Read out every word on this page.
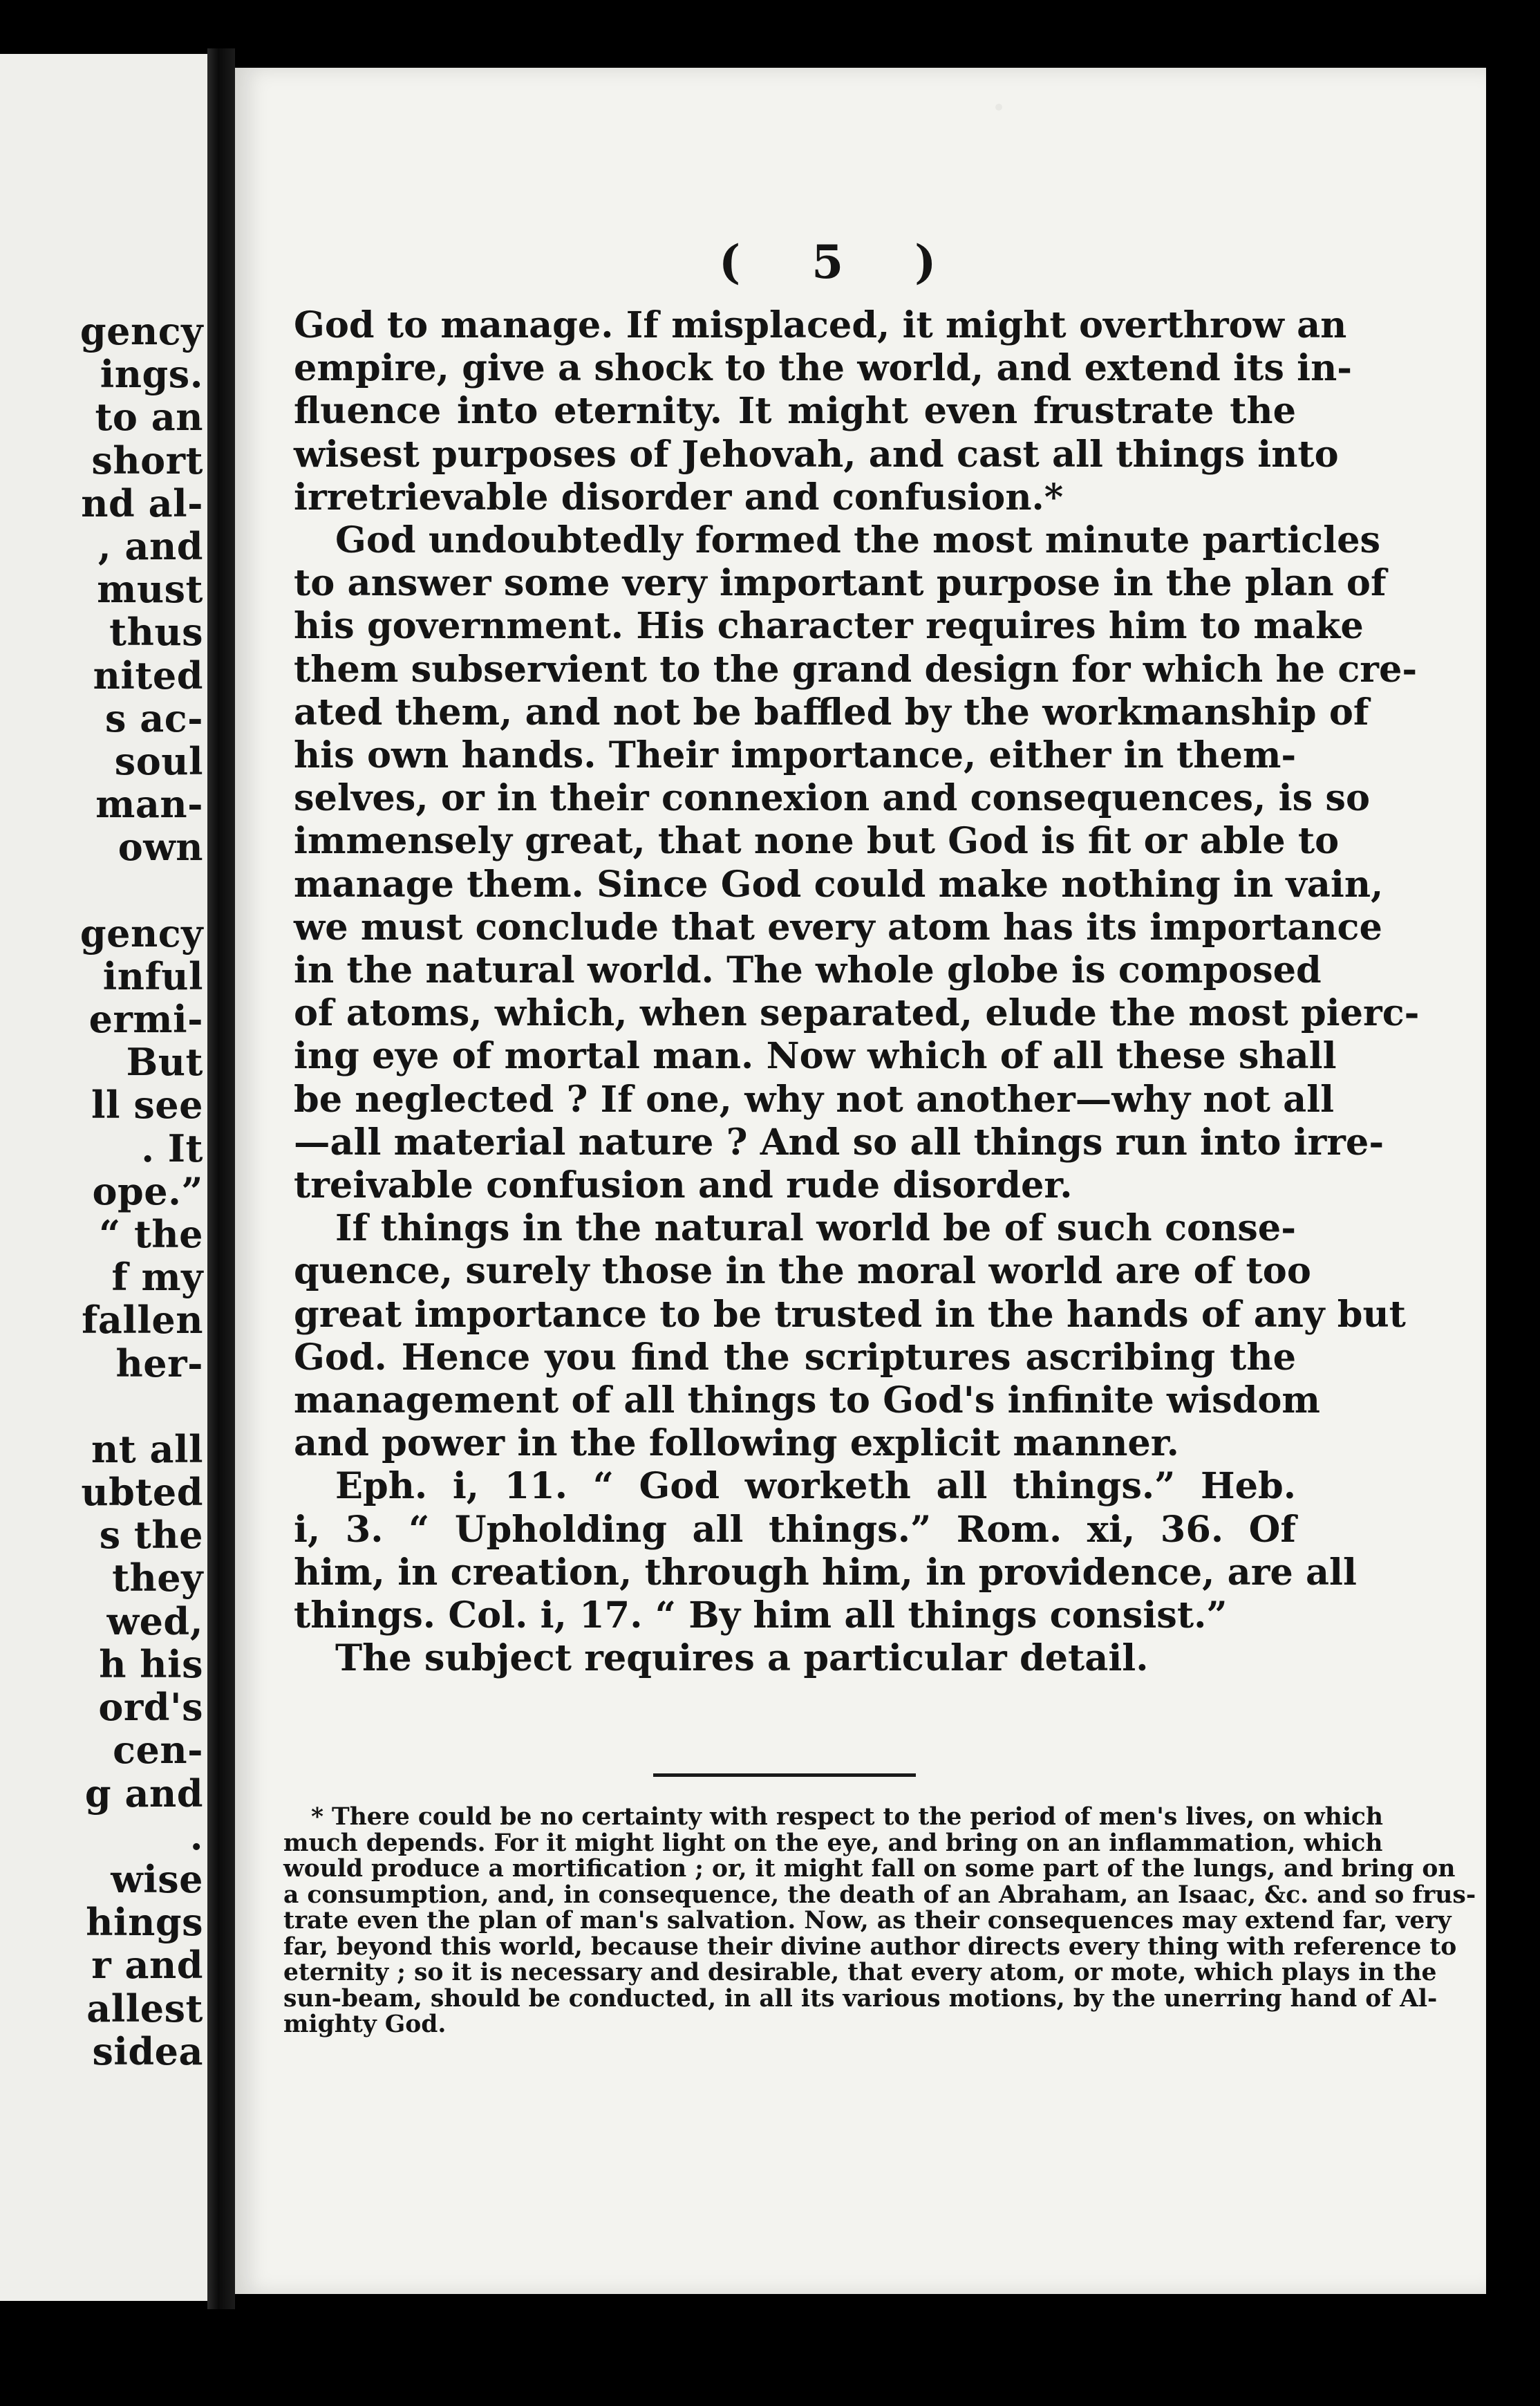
gency
ings.
to an
short
nd al-
, and
must
thus
nited
s ac-
soul
man-
own
gency
inful
ermi-
But
ll see
. It
ope.”
“ the
f my
fallen
her-
nt all
ubted
s the
they
wed,
h his
ord's
cen-
g and
.
wise
hings
r and
allest
sidea
( 5 )
God to manage. If misplaced, it might overthrow an
empire, give a shock to the world, and extend its in-
fluence into eternity. It might even frustrate the
wisest purposes of Jehovah, and cast all things into
irretrievable disorder and confusion.*
God undoubtedly formed the most minute particles
to answer some very important purpose in the plan of
his government. His character requires him to make
them subservient to the grand design for which he cre-
ated them, and not be baffled by the workmanship of
his own hands. Their importance, either in them-
selves, or in their connexion and consequences, is so
immensely great, that none but God is fit or able to
manage them. Since God could make nothing in vain,
we must conclude that every atom has its importance
in the natural world. The whole globe is composed
of atoms, which, when separated, elude the most pierc-
ing eye of mortal man. Now which of all these shall
be neglected ? If one, why not another—why not all
—all material nature ? And so all things run into irre-
treivable confusion and rude disorder.
If things in the natural world be of such conse-
quence, surely those in the moral world are of too
great importance to be trusted in the hands of any but
God. Hence you find the scriptures ascribing the
management of all things to God's infinite wisdom
and power in the following explicit manner.
Eph. i, 11. “ God worketh all things.” Heb.
i, 3. “ Upholding all things.” Rom. xi, 36. Of
him, in creation, through him, in providence, are all
things. Col. i, 17. “ By him all things consist.”
The subject requires a particular detail.
* There could be no certainty with respect to the period of men's lives, on which
much depends. For it might light on the eye, and bring on an inflammation, which
would produce a mortification ; or, it might fall on some part of the lungs, and bring on
a consumption, and, in consequence, the death of an Abraham, an Isaac, &c. and so frus-
trate even the plan of man's salvation. Now, as their consequences may extend far, very
far, beyond this world, because their divine author directs every thing with reference to
eternity ; so it is necessary and desirable, that every atom, or mote, which plays in the
sun-beam, should be conducted, in all its various motions, by the unerring hand of Al-
mighty God.
